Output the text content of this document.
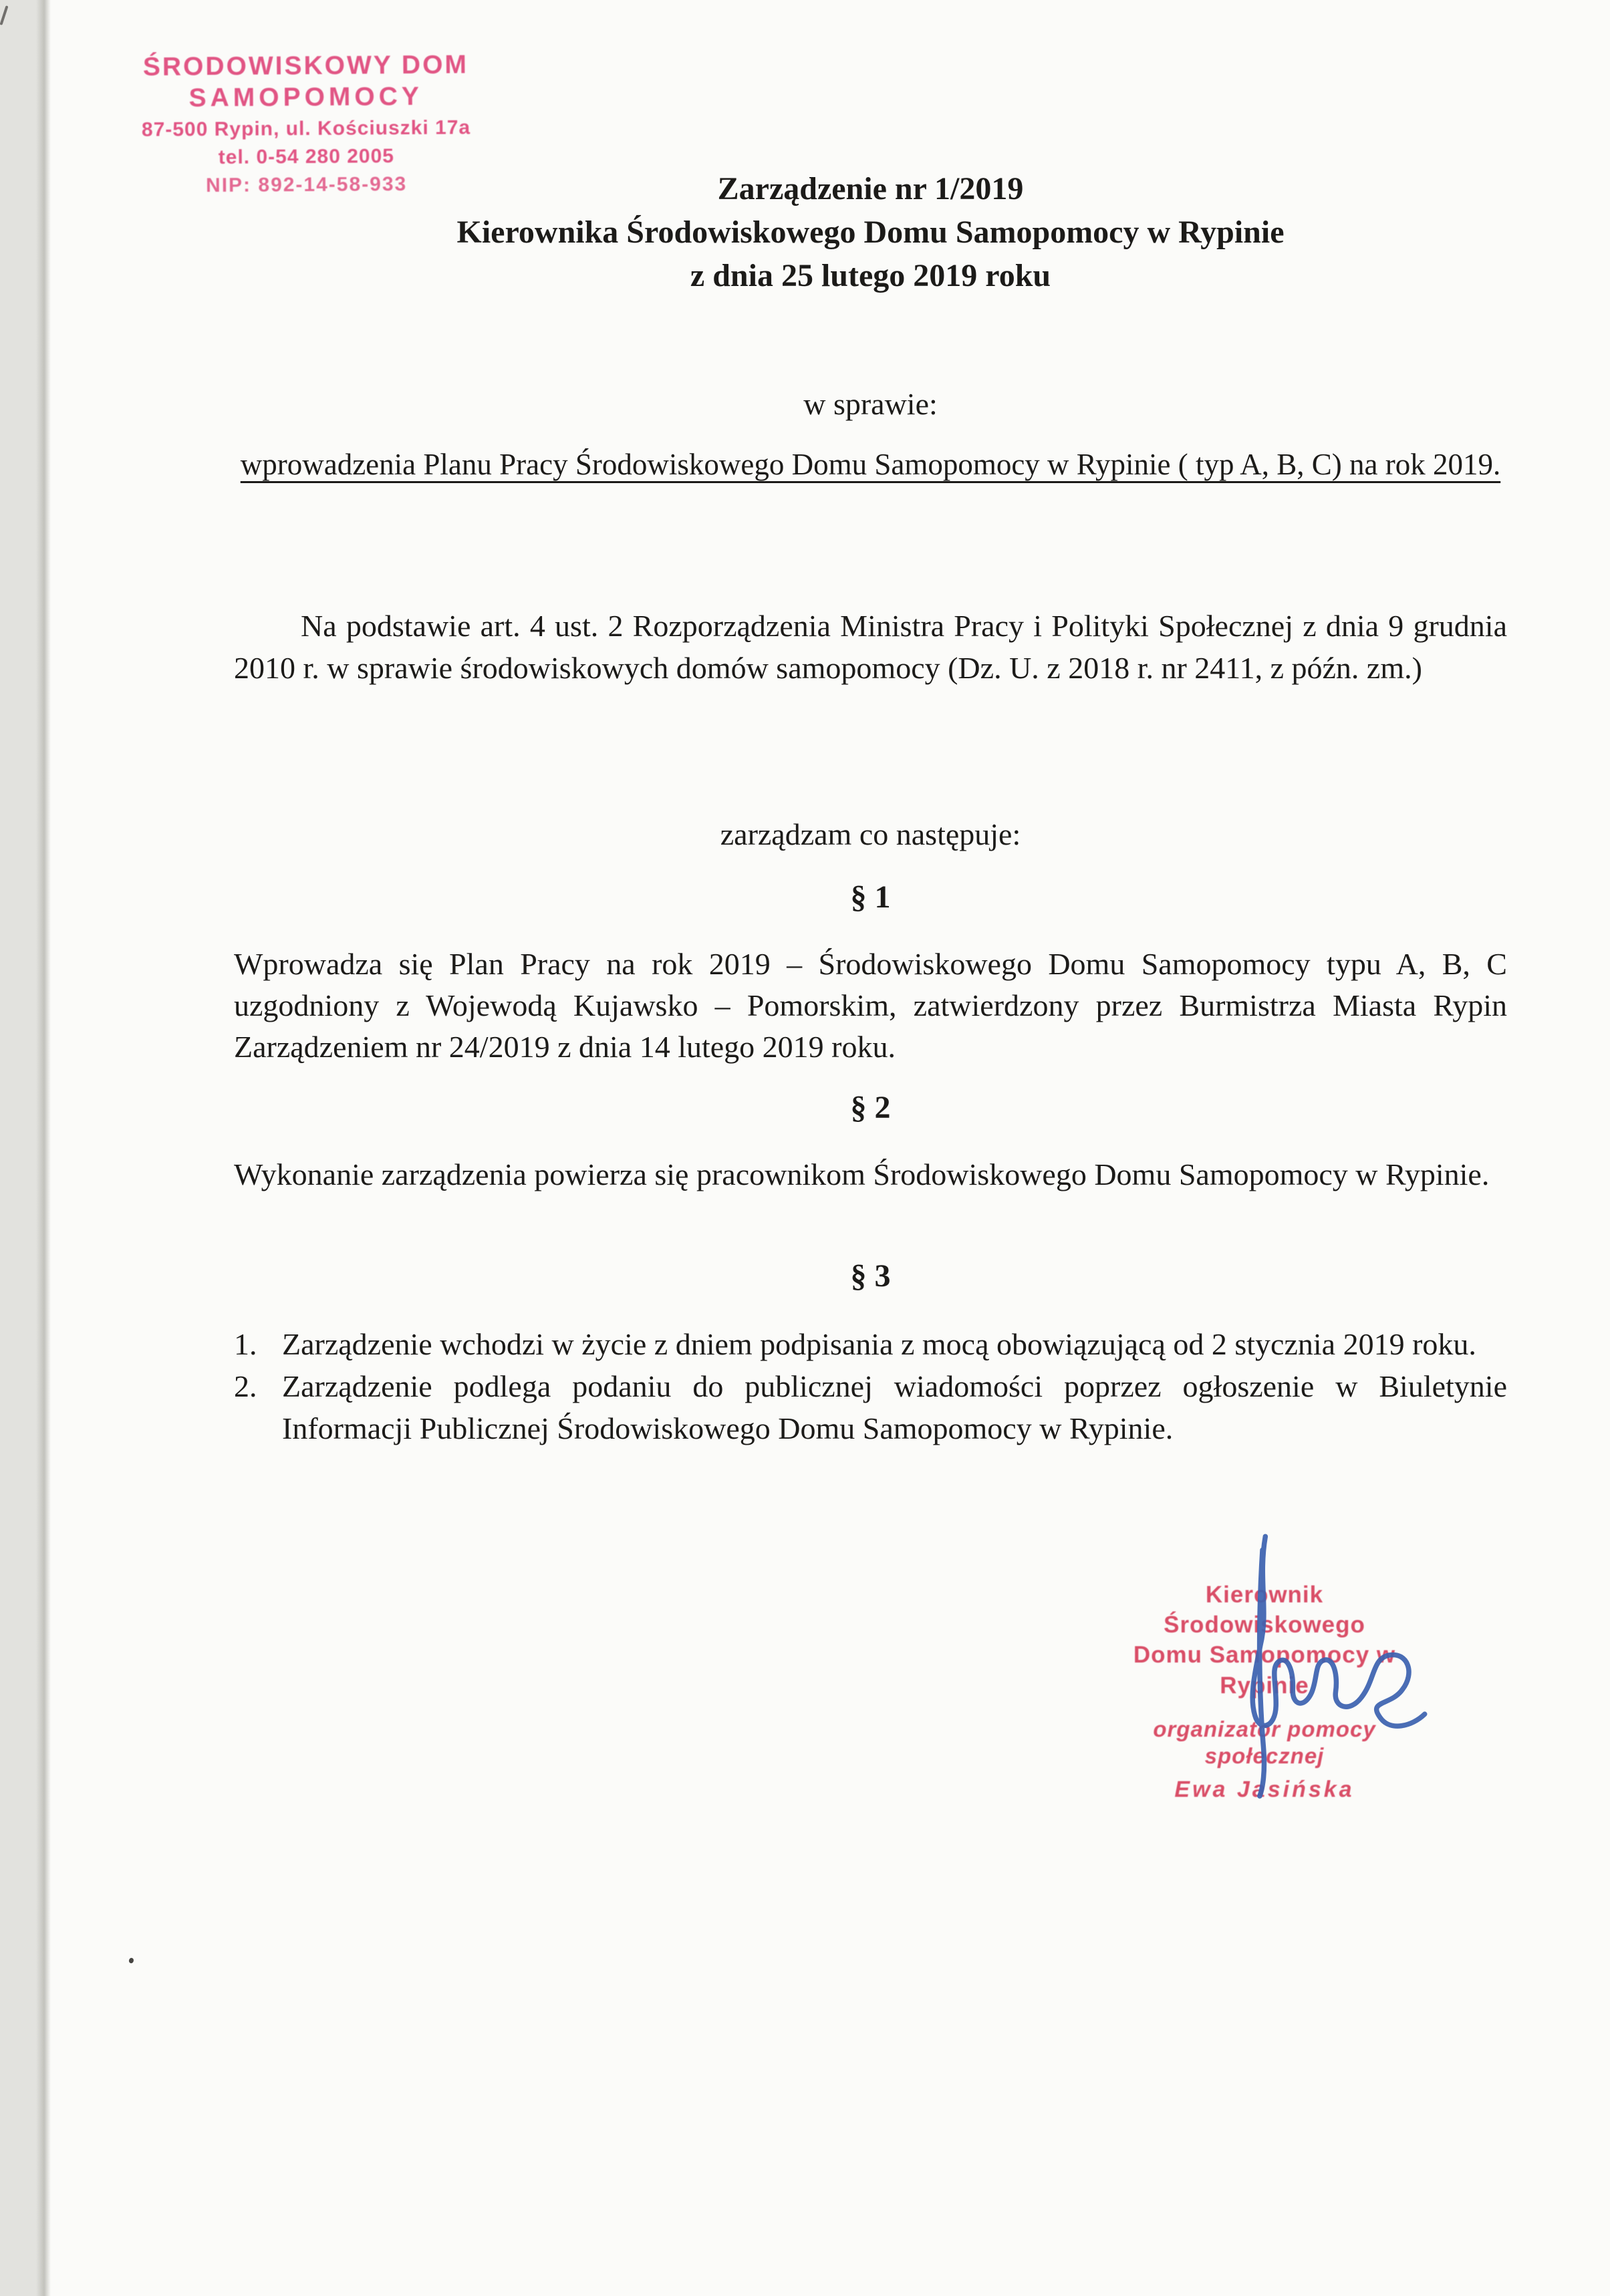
ŚRODOWISKOWY DOM
SAMOPOMOCY
87-500 Rypin, ul. Kościuszki 17a
tel. 0-54 280 2005
NIP: 892-14-58-933	Zarządzenie nr 1/2019
Kierownika Środowiskowego Domu Samopomocy w Rypinie
z dnia 25 lutego 2019 roku
w sprawie:
wprowadzenia Planu Pracy Środowiskowego Domu Samopomocy w Rypinie ( typ A, B, C) na rok 2019.
Na podstawie art. 4 ust. 2 Rozporządzenia Ministra Pracy i Polityki Społecznej z dnia 9 grudnia 2010 r. w sprawie środowiskowych domów samopomocy (Dz. U. z 2018 r. nr 2411, z późn. zm.)
zarządzam co następuje:
§ 1
Wprowadza się Plan Pracy na rok 2019 – Środowiskowego Domu Samopomocy typu A, B, C uzgodniony z Wojewodą Kujawsko – Pomorskim, zatwierdzony przez Burmistrza Miasta Rypin Zarządzeniem nr 24/2019 z dnia 14 lutego 2019 roku.
§ 2
Wykonanie zarządzenia powierza się pracownikom Środowiskowego Domu Samopomocy w Rypinie.
§ 3
1. Zarządzenie wchodzi w życie z dniem podpisania z mocą obowiązującą od 2 stycznia 2019 roku.
2. Zarządzenie podlega podaniu do publicznej wiadomości poprzez ogłoszenie w Biuletynie Informacji Publicznej Środowiskowego Domu Samopomocy w Rypinie.
Kierownik Środowiskowego
Domu Samopomocy w Rypinie
organizator pomocy społecznej
Ewa Jasińska
